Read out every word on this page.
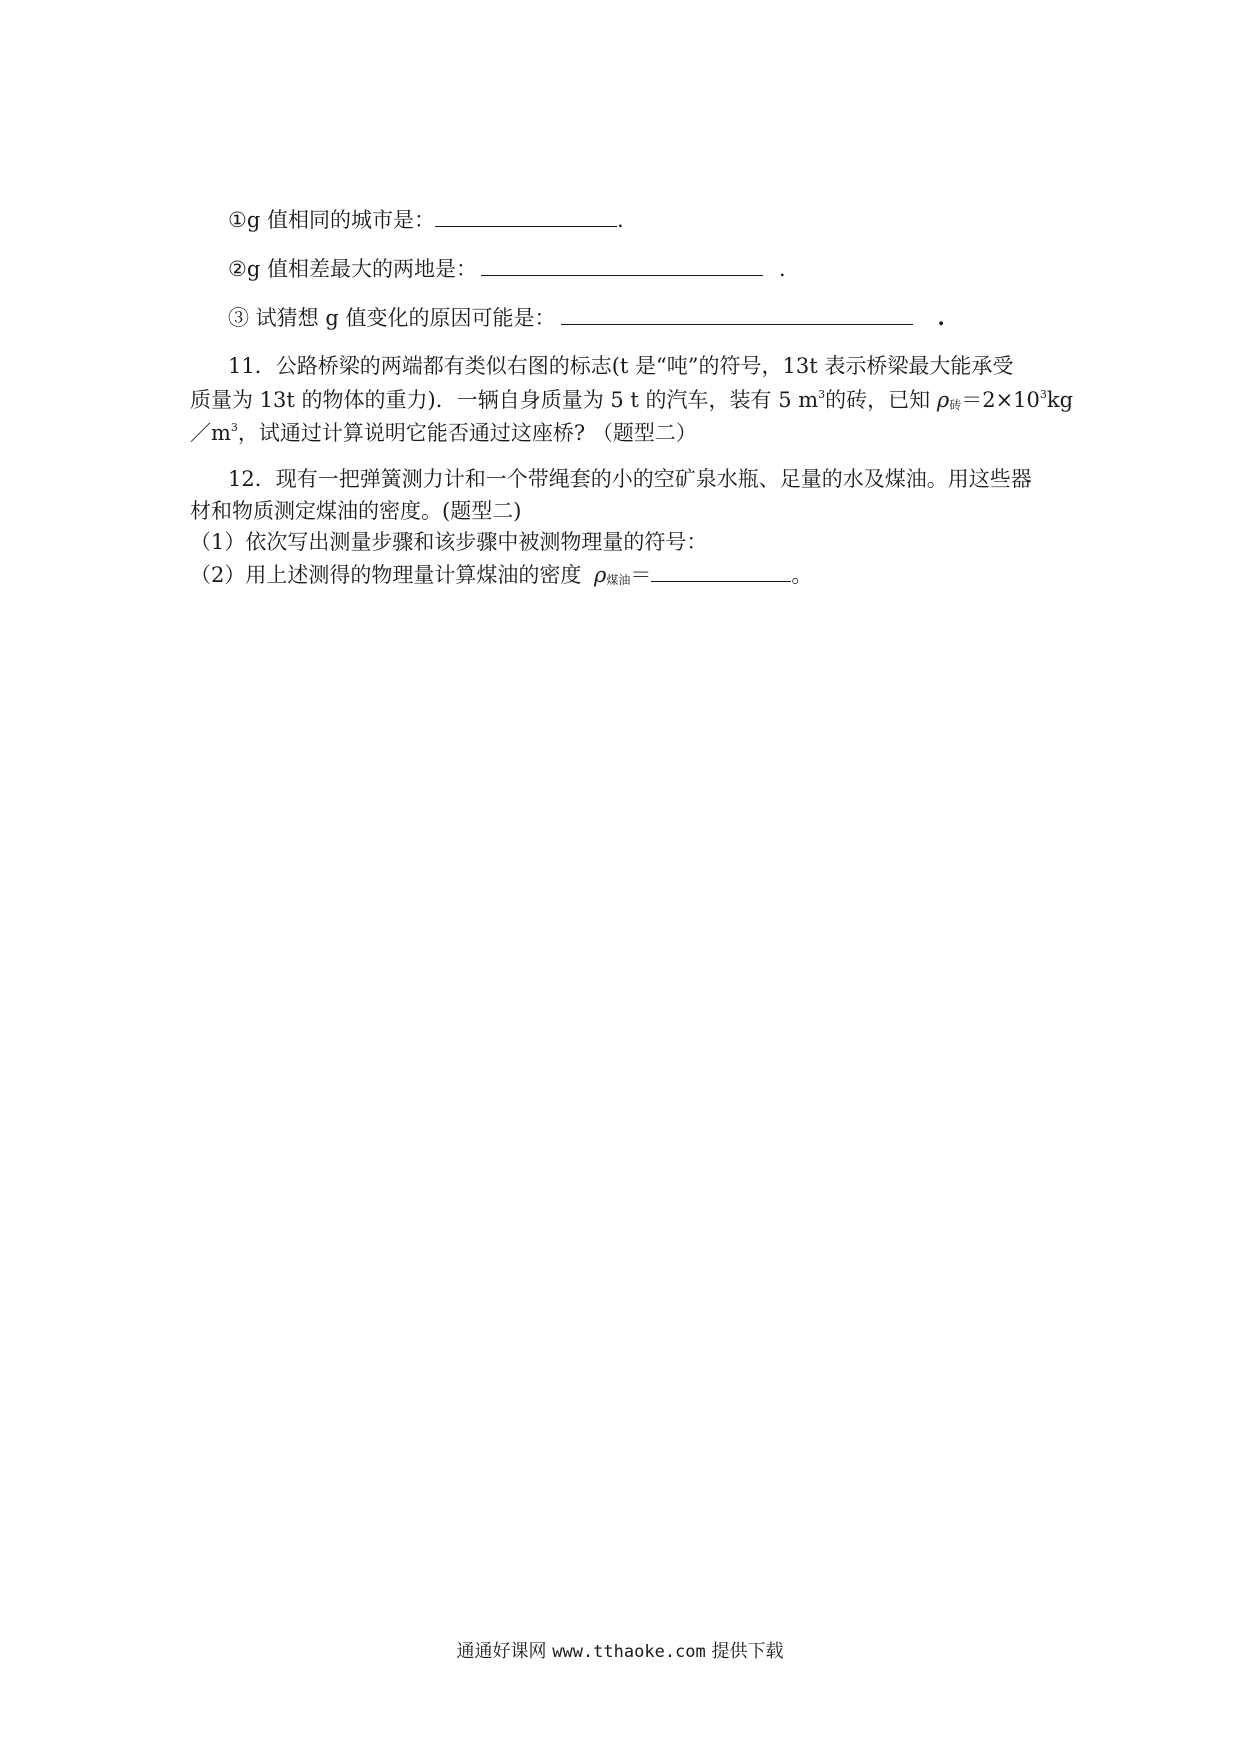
①g 值相同的城市是：	.
②g 值相差最大的两地是：	.
③ 试猜想 g 值变化的原因可能是：	.
11．公路桥梁的两端都有类似右图的标志(t 是“吨”的符号，13t 表示桥梁最大能承受
质量为 13t 的物体的重力)．一辆自身质量为 5 t 的汽车，装有 5 $m^3$的砖，已知 ρ砖$=2\times 10^3kg$
$/m^3$，试通过计算说明它能否通过这座桥? （题型二）
12．现有一把弹簧测力计和一个带绳套的小的空矿泉水瓶、足量的水及煤油。用这些器
材和物质测定煤油的密度。(题型二)
（1）依次写出测量步骤和该步骤中被测物理量的符号：
（2）用上述测得的物理量计算煤油的密度 ρ煤油＝	。
通通好课网 www.tthaoke.com 提供下载
